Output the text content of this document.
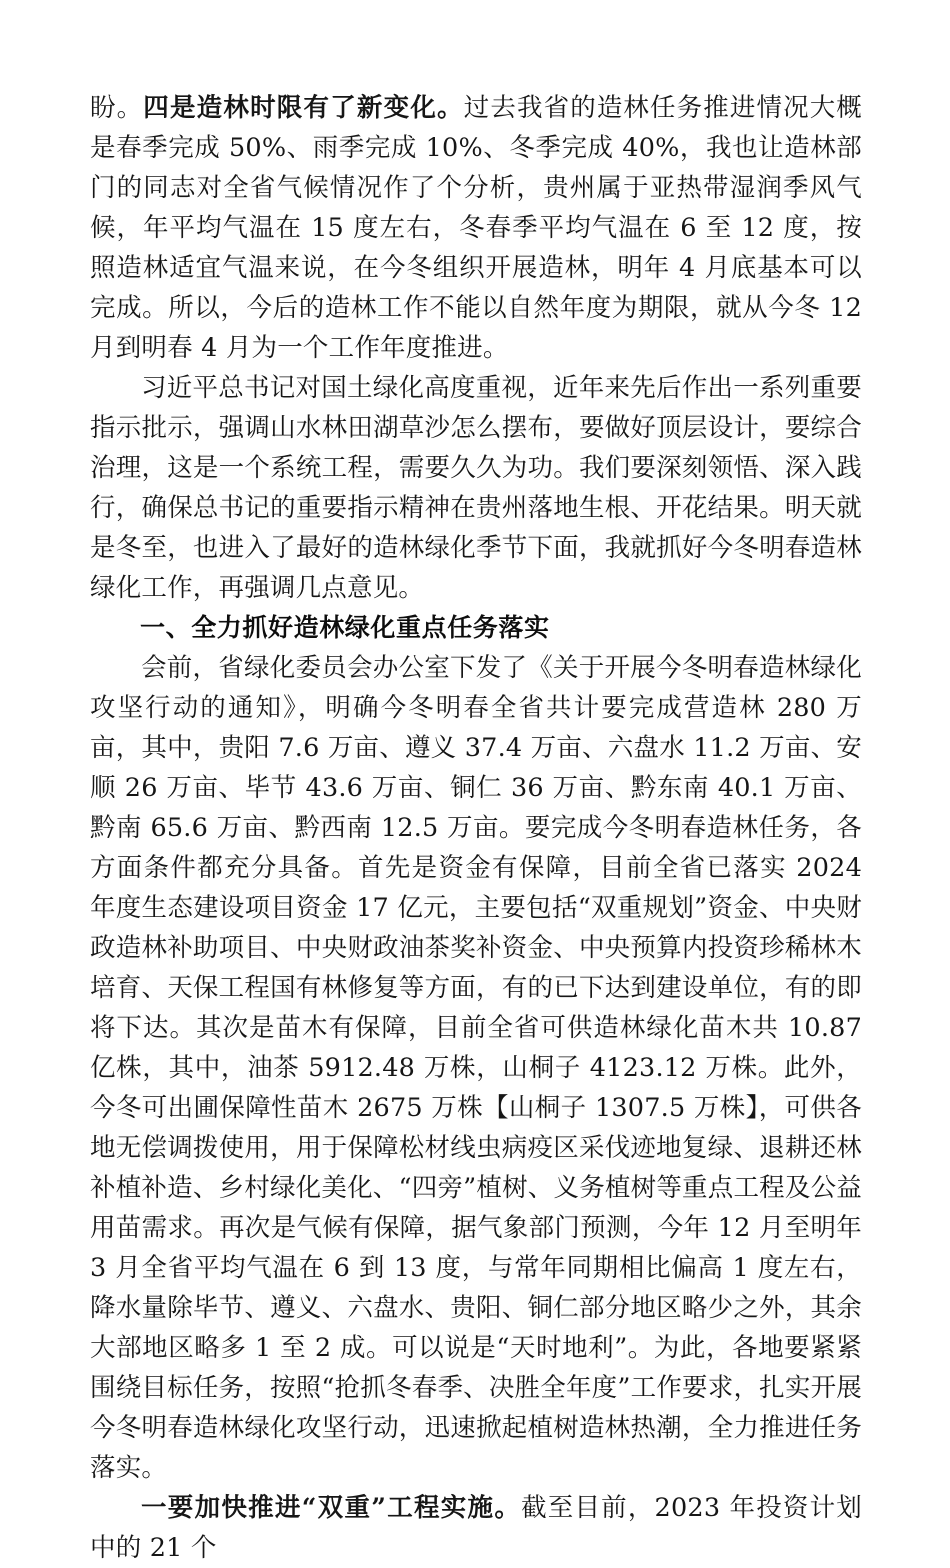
盼。四是造林时限有了新变化。过去我省的造林任务推进情况大概是春季完成 50%、雨季完成 10%、冬季完成 40%，我也让造林部门的同志对全省气候情况作了个分析，贵州属于亚热带湿润季风气候，年平均气温在 15 度左右，冬春季平均气温在 6 至 12 度，按照造林适宜气温来说，在今冬组织开展造林，明年 4 月底基本可以完成。所以，今后的造林工作不能以自然年度为期限，就从今冬 12 月到明春 4 月为一个工作年度推进。

习近平总书记对国土绿化高度重视，近年来先后作出一系列重要指示批示，强调山水林田湖草沙怎么摆布，要做好顶层设计，要综合治理，这是一个系统工程，需要久久为功。我们要深刻领悟、深入践行，确保总书记的重要指示精神在贵州落地生根、开花结果。明天就是冬至，也进入了最好的造林绿化季节下面，我就抓好今冬明春造林绿化工作，再强调几点意见。

一、全力抓好造林绿化重点任务落实

会前，省绿化委员会办公室下发了《关于开展今冬明春造林绿化攻坚行动的通知》，明确今冬明春全省共计要完成营造林 280 万亩，其中，贵阳 7.6 万亩、遵义 37.4 万亩、六盘水 11.2 万亩、安顺 26 万亩、毕节 43.6 万亩、铜仁 36 万亩、黔东南 40.1 万亩、黔南 65.6 万亩、黔西南 12.5 万亩。要完成今冬明春造林任务，各方面条件都充分具备。首先是资金有保障，目前全省已落实 2024 年度生态建设项目资金 17 亿元，主要包括“双重规划”资金、中央财政造林补助项目、中央财政油茶奖补资金、中央预算内投资珍稀林木培育、天保工程国有林修复等方面，有的已下达到建设单位，有的即将下达。其次是苗木有保障，目前全省可供造林绿化苗木共 10.87 亿株，其中，油茶 5912.48 万株，山桐子 4123.12 万株。此外，今冬可出圃保障性苗木 2675 万株【山桐子 1307.5 万株】，可供各地无偿调拨使用，用于保障松材线虫病疫区采伐迹地复绿、退耕还林补植补造、乡村绿化美化、“四旁”植树、义务植树等重点工程及公益用苗需求。再次是气候有保障，据气象部门预测，今年 12 月至明年 3 月全省平均气温在 6 到 13 度，与常年同期相比偏高 1 度左右，降水量除毕节、遵义、六盘水、贵阳、铜仁部分地区略少之外，其余大部地区略多 1 至 2 成。可以说是“天时地利”。为此，各地要紧紧围绕目标任务，按照“抢抓冬春季、决胜全年度”工作要求，扎实开展今冬明春造林绿化攻坚行动，迅速掀起植树造林热潮，全力推进任务落实。

一要加快推进“双重”工程实施。截至目前，2023 年投资计划中的 21 个
